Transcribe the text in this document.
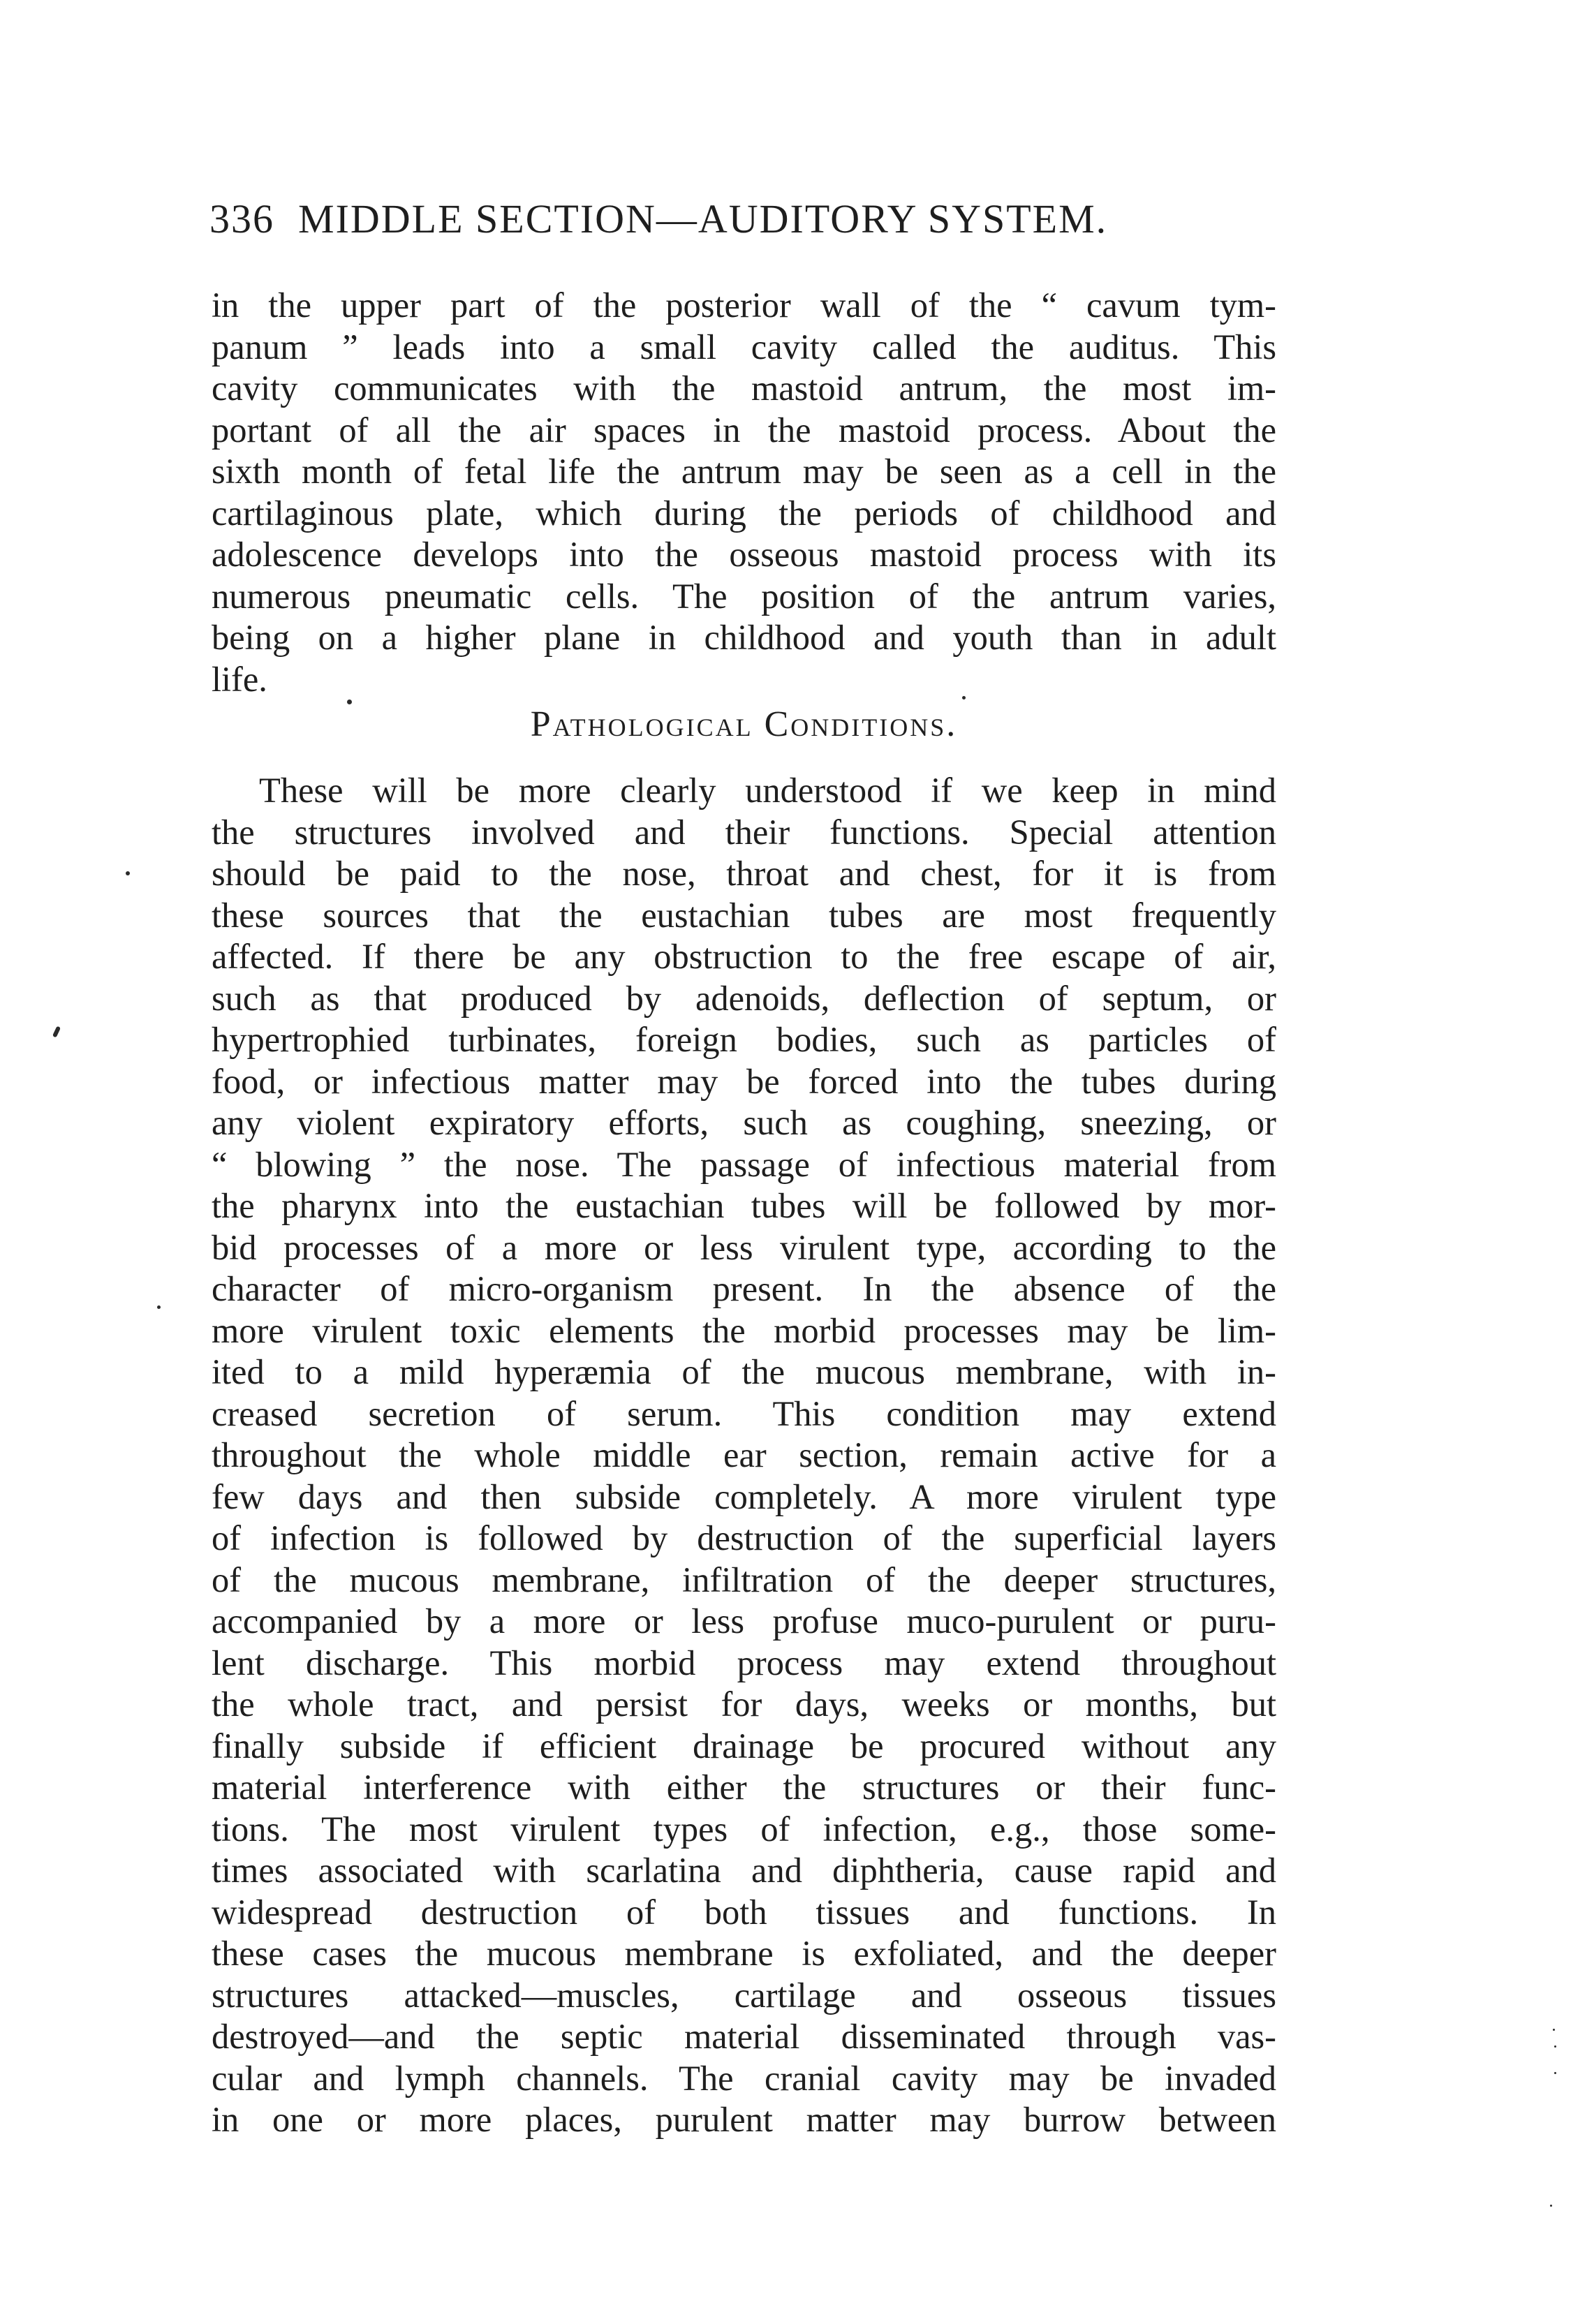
336 MIDDLE SECTION—AUDITORY SYSTEM.
in the upper part of the posterior wall of the “ cavum tym-
panum ” leads into a small cavity called the auditus. This
cavity communicates with the mastoid antrum, the most im-
portant of all the air spaces in the mastoid process. About the
sixth month of fetal life the antrum may be seen as a cell in the
cartilaginous plate, which during the periods of childhood and
adolescence develops into the osseous mastoid process with its
numerous pneumatic cells. The position of the antrum varies,
being on a higher plane in childhood and youth than in adult
life.
Pathological Conditions.
These will be more clearly understood if we keep in mind
the structures involved and their functions. Special attention
should be paid to the nose, throat and chest, for it is from
these sources that the eustachian tubes are most frequently
affected. If there be any obstruction to the free escape of air,
such as that produced by adenoids, deflection of septum, or
hypertrophied turbinates, foreign bodies, such as particles of
food, or infectious matter may be forced into the tubes during
any violent expiratory efforts, such as coughing, sneezing, or
“ blowing ” the nose. The passage of infectious material from
the pharynx into the eustachian tubes will be followed by mor-
bid processes of a more or less virulent type, according to the
character of micro-organism present. In the absence of the
more virulent toxic elements the morbid processes may be lim-
ited to a mild hyperæmia of the mucous membrane, with in-
creased secretion of serum. This condition may extend
throughout the whole middle ear section, remain active for a
few days and then subside completely. A more virulent type
of infection is followed by destruction of the superficial layers
of the mucous membrane, infiltration of the deeper structures,
accompanied by a more or less profuse muco-purulent or puru-
lent discharge. This morbid process may extend throughout
the whole tract, and persist for days, weeks or months, but
finally subside if efficient drainage be procured without any
material interference with either the structures or their func-
tions. The most virulent types of infection, e.g., those some-
times associated with scarlatina and diphtheria, cause rapid and
widespread destruction of both tissues and functions. In
these cases the mucous membrane is exfoliated, and the deeper
structures attacked—muscles, cartilage and osseous tissues
destroyed—and the septic material disseminated through vas-
cular and lymph channels. The cranial cavity may be invaded
in one or more places, purulent matter may burrow between
